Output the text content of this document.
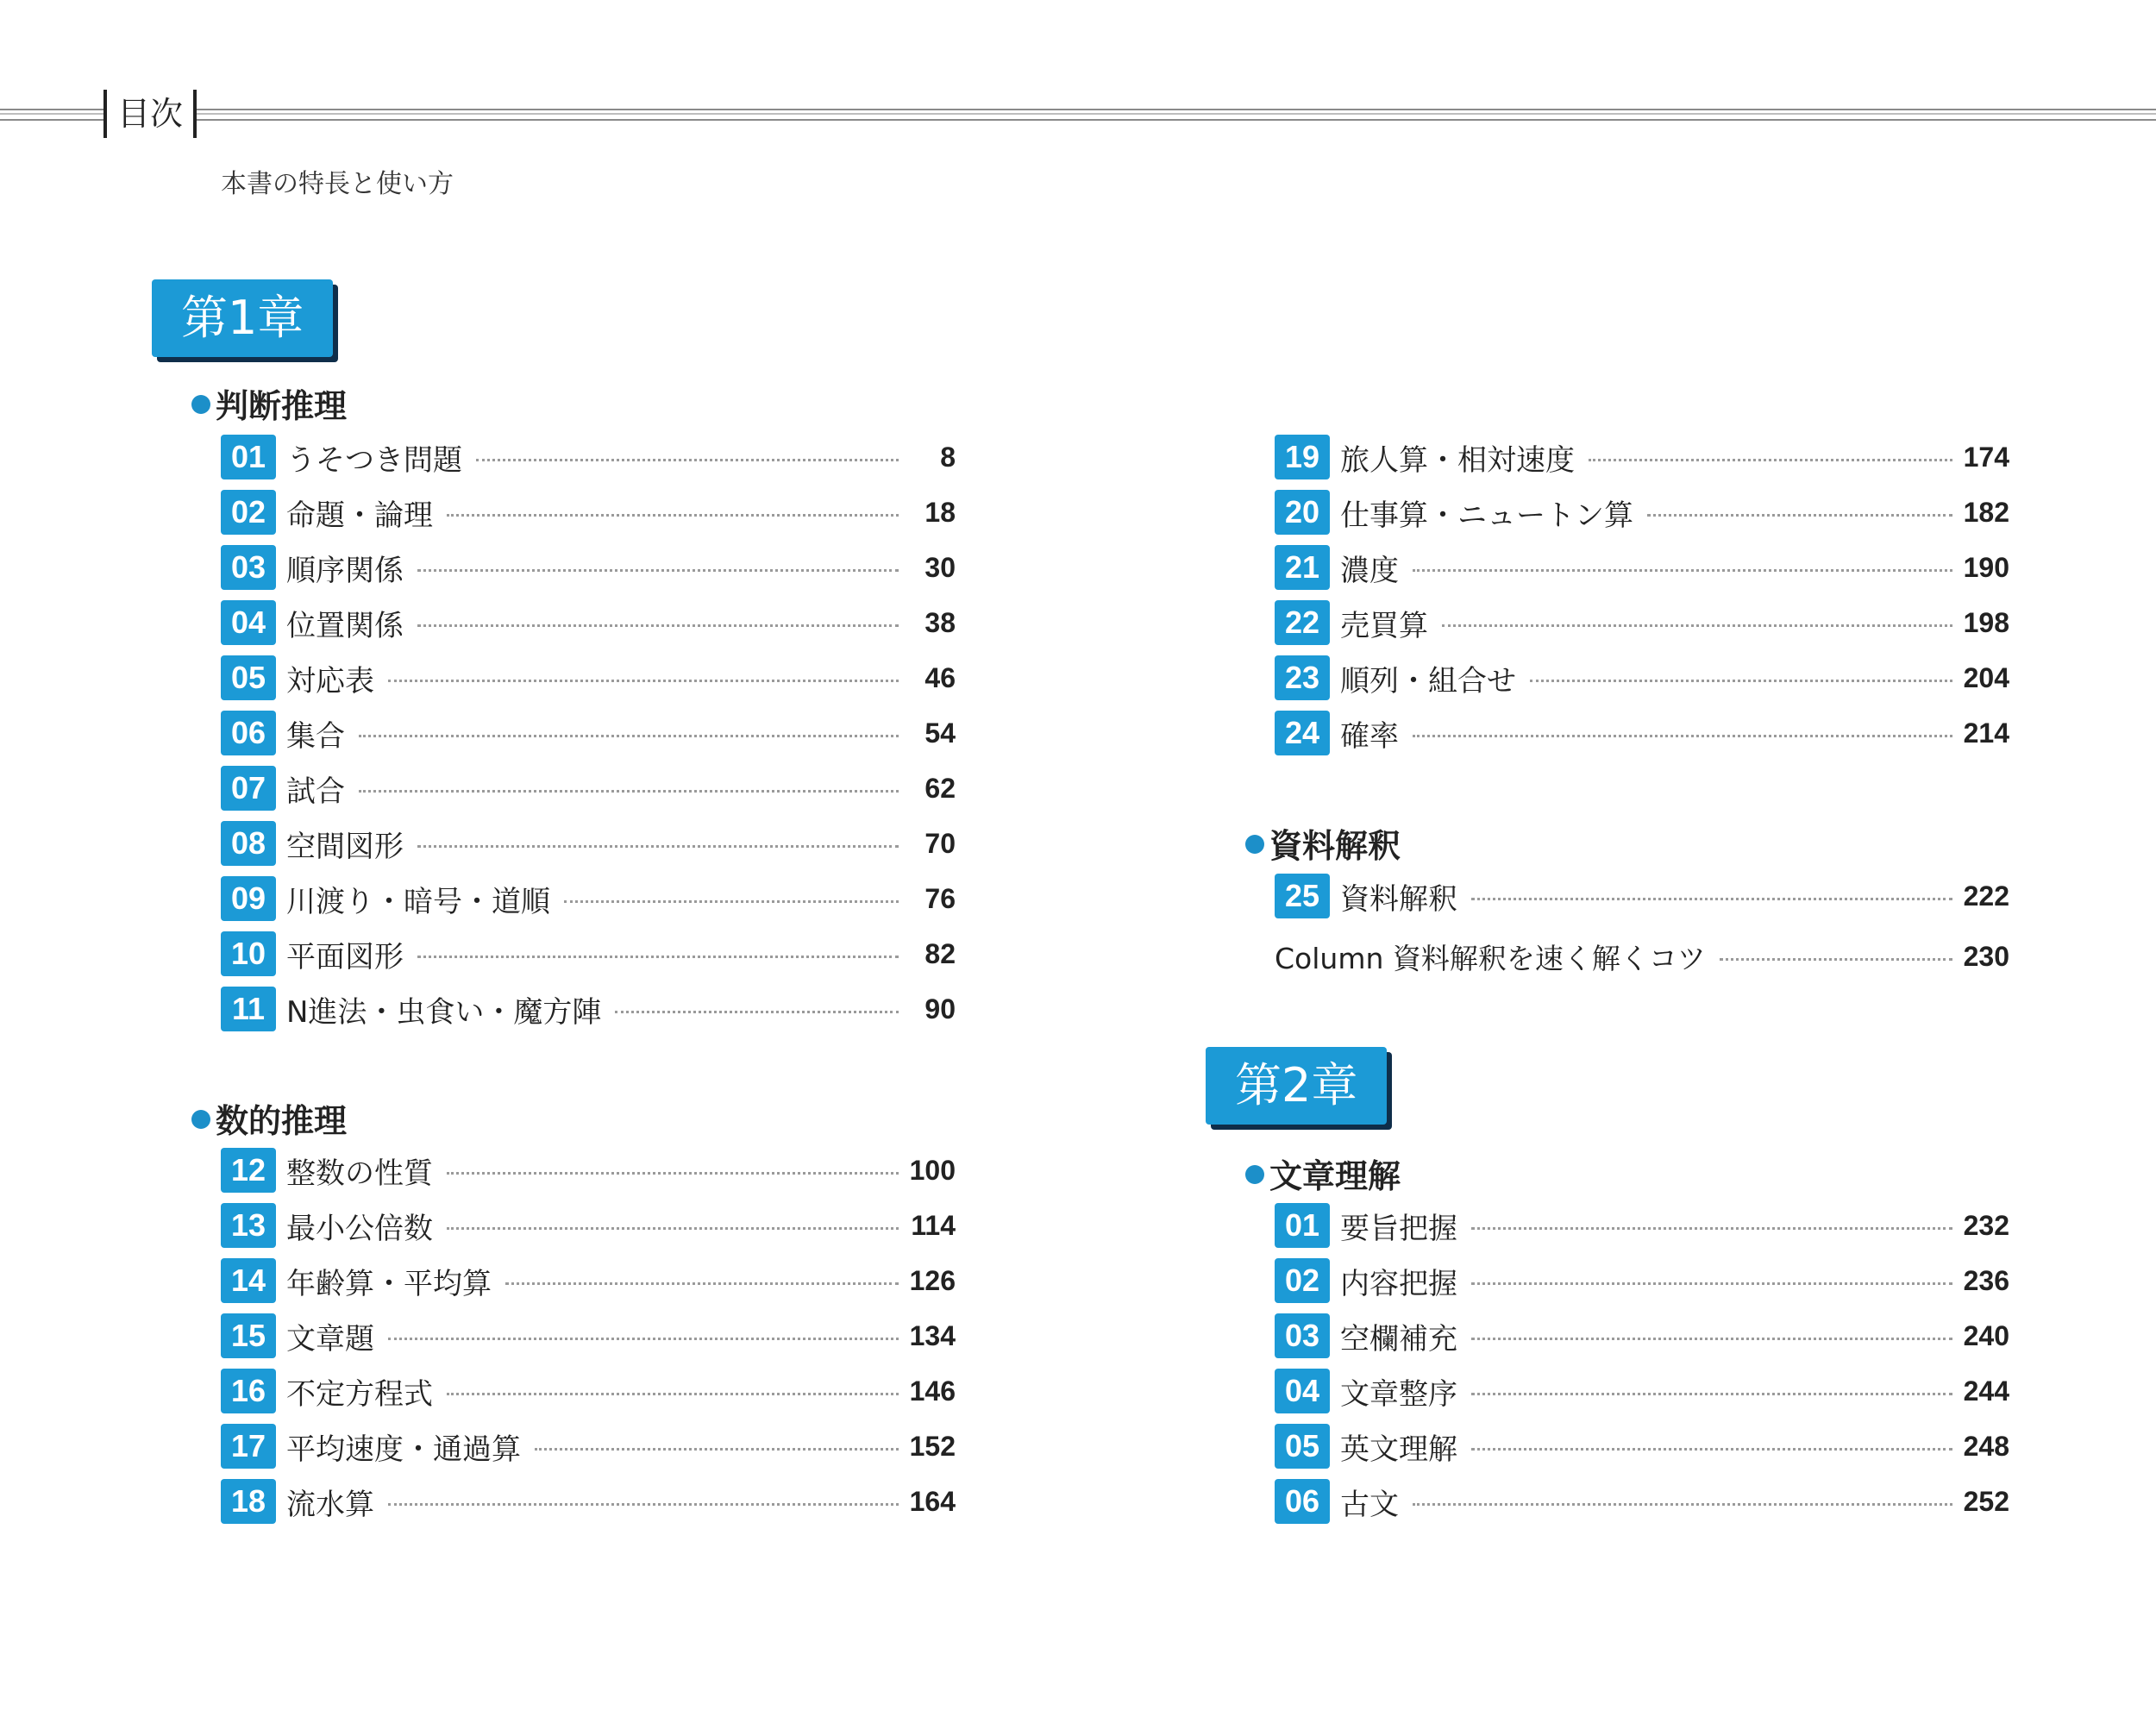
目次
本書の特長と使い方
第1章
第2章
判断推理
01 うそつき問題	8
02 命題・論理	18
03 順序関係	30
04 位置関係	38
05 対応表	46
06 集合	54
07 試合	62
08 空間図形	70
09 川渡り・暗号・道順	76
10 平面図形	82
11 N進法・虫食い・魔方陣	90
数的推理
12 整数の性質	100
13 最小公倍数	114
14 年齢算・平均算	126
15 文章題	134
16 不定方程式	146
17 平均速度・通過算	152
18 流水算	164
19 旅人算・相対速度	174
20 仕事算・ニュートン算	182
21 濃度	190
22 売買算	198
23 順列・組合せ	204
24 確率	214
資料解釈
25 資料解釈	222
Column 資料解釈を速く解くコツ	230
文章理解
01 要旨把握	232
02 内容把握	236
03 空欄補充	240
04 文章整序	244
05 英文理解	248
06 古文	252
